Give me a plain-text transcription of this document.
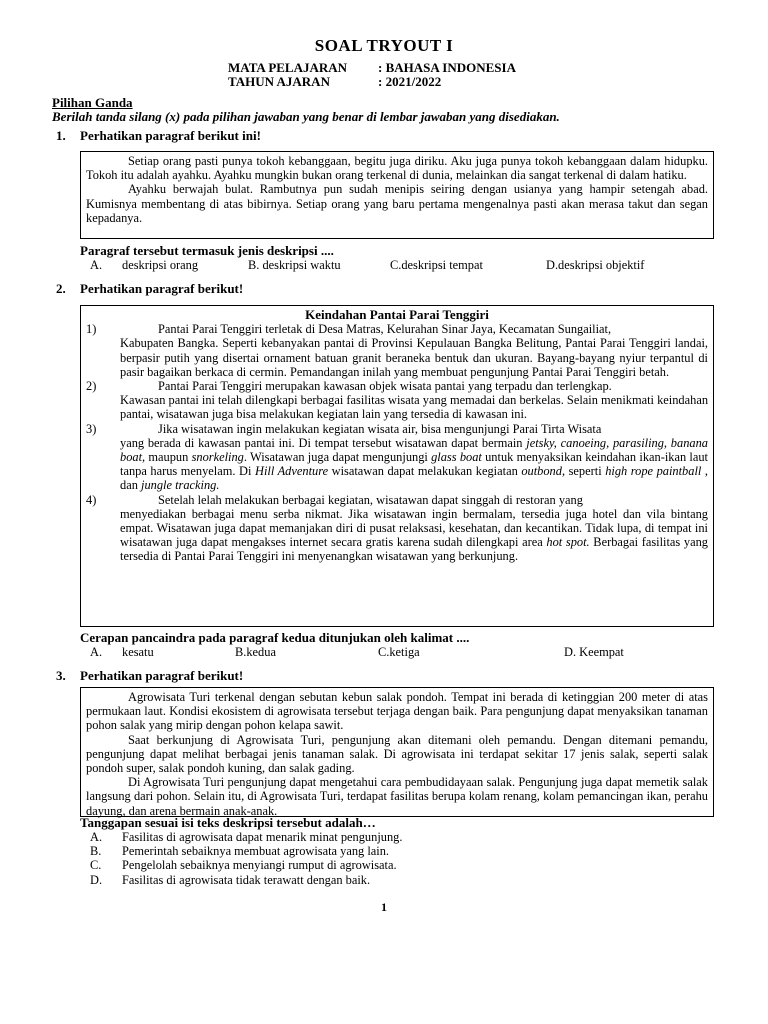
SOAL TRYOUT I
MATA PELAJARAN : BAHASA INDONESIA
TAHUN AJARAN	: 2021/2022
Pilihan Ganda
Berilah tanda silang (x) pada pilihan jawaban yang benar di lembar jawaban yang disediakan.
1. Perhatikan paragraf berikut ini!

Setiap orang pasti punya tokoh kebanggaan, begitu juga diriku. Aku juga punya tokoh kebanggaan dalam hidupku. Tokoh itu adalah ayahku. Ayahku mungkin bukan orang terkenal di dunia, melainkan dia sangat terkenal di dalam hatiku.

Ayahku berwajah bulat. Rambutnya pun sudah menipis seiring dengan usianya yang hampir setengah abad. Kumisnya membentang di atas bibirnya. Setiap orang yang baru pertama mengenalnya pasti akan merasa takut dan segan kepadanya.

Paragraf tersebut termasuk jenis deskripsi ....
A. deskripsi orang	B. deskripsi waktu	C.deskripsi tempat	D.deskripsi objektif
2. Perhatikan paragraf berikut!
Keindahan Pantai Parai Tenggiri
1)	Pantai Parai Tenggiri terletak di Desa Matras, Kelurahan Sinar Jaya, Kecamatan Sungailiat,
Kabupaten Bangka. Seperti kebanyakan pantai di Provinsi Kepulauan Bangka Belitung, Pantai Parai Tenggiri landai, berpasir putih yang disertai ornament batuan granit beraneka bentuk dan ukuran. Bayang-bayang nyiur terpantul di pasir bagaikan berkaca di cermin. Pemandangan inilah yang membuat pengunjung Pantai Parai Tenggiri betah.
2)	Pantai Parai Tenggiri merupakan kawasan objek wisata pantai yang terpadu dan terlengkap.
Kawasan pantai ini telah dilengkapi berbagai fasilitas wisata yang memadai dan berkelas. Selain menikmati keindahan pantai, wisatawan juga bisa melakukan kegiatan lain yang tersedia di kawasan ini.
3)	Jika wisatawan ingin melakukan kegiatan wisata air, bisa mengunjungi Parai Tirta Wisata
yang berada di kawasan pantai ini. Di tempat tersebut wisatawan dapat bermain jetsky, canoeing, parasiling, banana boat, maupun snorkeling. Wisatawan juga dapat mengunjungi glass boat untuk menyaksikan keindahan ikan-ikan laut tanpa harus menyelam. Di Hill Adventure wisatawan dapat melakukan kegiatan outbond, seperti high rope paintball , dan jungle tracking.
4)	Setelah lelah melakukan berbagai kegiatan, wisatawan dapat singgah di restoran yang
menyediakan berbagai menu serba nikmat. Jika wisatawan ingin bermalam, tersedia juga hotel dan vila bintang empat. Wisatawan juga dapat memanjakan diri di pusat relaksasi, kesehatan, dan kecantikan. Tidak lupa, di tempat ini wisatawan juga dapat mengakses internet secara gratis karena sudah dilengkapi area hot spot. Berbagai fasilitas yang tersedia di Pantai Parai Tenggiri ini menyenangkan wisatawan yang berkunjung.
Cerapan pancaindra pada paragraf kedua ditunjukan oleh kalimat ....
A. kesatu	B.kedua	C.ketiga	D. Keempat
3. Perhatikan paragraf berikut!

Agrowisata Turi terkenal dengan sebutan kebun salak pondoh. Tempat ini berada di ketinggian 200 meter di atas permukaan laut. Kondisi ekosistem di agrowisata tersebut terjaga dengan baik. Para pengunjung dapat menyaksikan tanaman pohon salak yang mirip dengan pohon kelapa sawit.

Saat berkunjung di Agrowisata Turi, pengunjung akan ditemani oleh pemandu. Dengan ditemani pemandu, pengunjung dapat melihat berbagai jenis tanaman salak. Di agrowisata ini terdapat sekitar 17 jenis salak, seperti salak pondoh super, salak pondoh kuning, dan salak gading.

Di Agrowisata Turi pengunjung dapat mengetahui cara pembudidayaan salak. Pengunjung juga dapat memetik salak langsung dari pohon. Selain itu, di Agrowisata Turi, terdapat fasilitas berupa kolam renang, kolam pemancingan ikan, perahu dayung, dan arena bermain anak-anak.

Tanggapan sesuai isi teks deskripsi tersebut adalah…
A.	Fasilitas di agrowisata dapat menarik minat pengunjung.
B.	Pemerintah sebaiknya membuat agrowisata yang lain.
C.	Pengelolah sebaiknya menyiangi rumput di agrowisata.
D.	Fasilitas di agrowisata tidak terawatt dengan baik.
1
